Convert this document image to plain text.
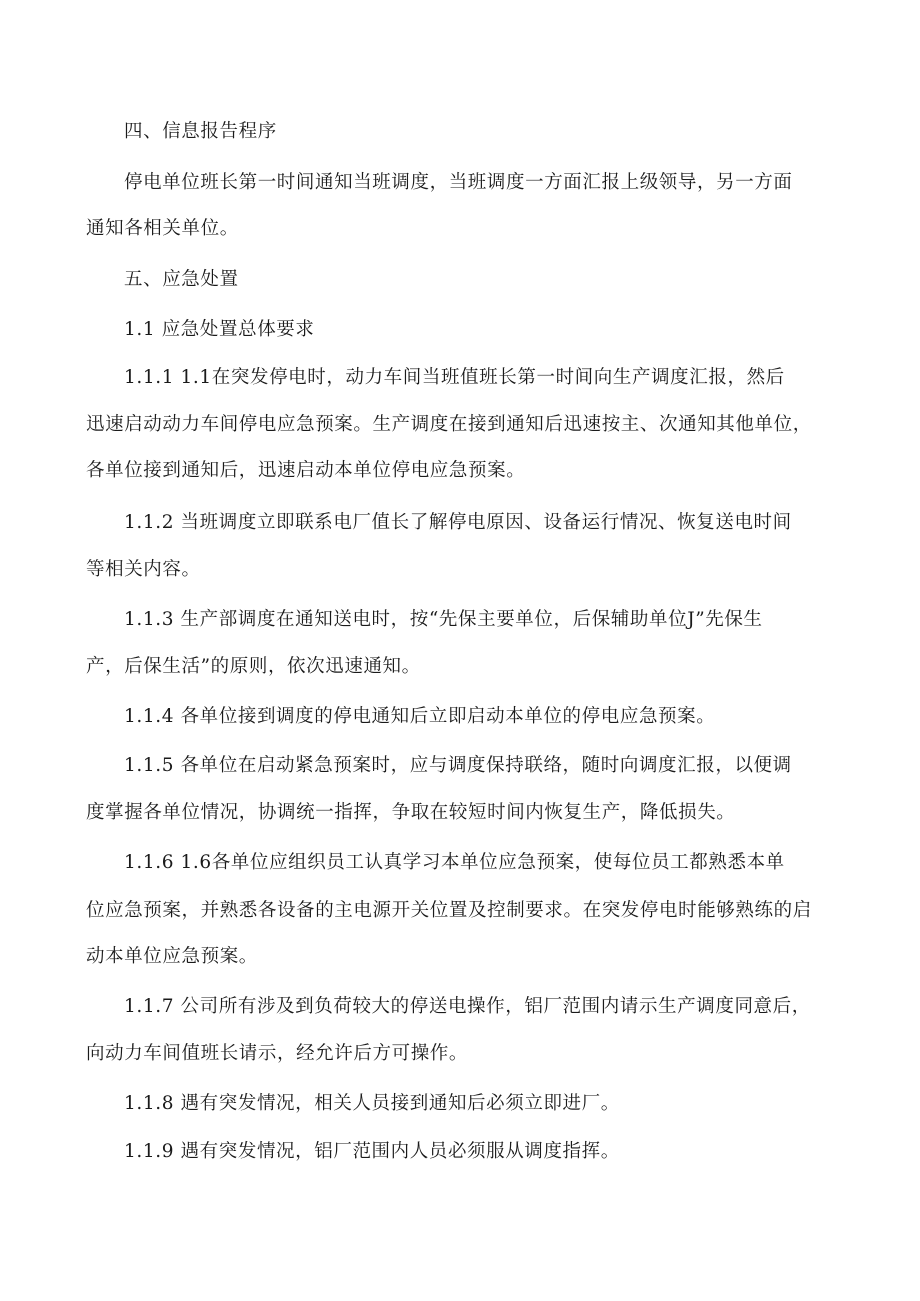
四、信息报告程序
停电单位班长第一时间通知当班调度，当班调度一方面汇报上级领导，另一方面
通知各相关单位。
五、应急处置
1.1 应急处置总体要求
1.1.1 1.1在突发停电时，动力车间当班值班长第一时间向生产调度汇报，然后
迅速启动动力车间停电应急预案。生产调度在接到通知后迅速按主、次通知其他单位，
各单位接到通知后，迅速启动本单位停电应急预案。
1.1.2 当班调度立即联系电厂值长了解停电原因、设备运行情况、恢复送电时间
等相关内容。
1.1.3 生产部调度在通知送电时，按“先保主要单位，后保辅助单位J”先保生
产，后保生活”的原则，依次迅速通知。
1.1.4 各单位接到调度的停电通知后立即启动本单位的停电应急预案。
1.1.5 各单位在启动紧急预案时，应与调度保持联络，随时向调度汇报，以便调
度掌握各单位情况，协调统一指挥，争取在较短时间内恢复生产，降低损失。
1.1.6 1.6各单位应组织员工认真学习本单位应急预案，使每位员工都熟悉本单
位应急预案，并熟悉各设备的主电源开关位置及控制要求。在突发停电时能够熟练的启
动本单位应急预案。
1.1.7 公司所有涉及到负荷较大的停送电操作，铝厂范围内请示生产调度同意后，
向动力车间值班长请示，经允许后方可操作。
1.1.8 遇有突发情况，相关人员接到通知后必须立即进厂。
1.1.9 遇有突发情况，铝厂范围内人员必须服从调度指挥。
